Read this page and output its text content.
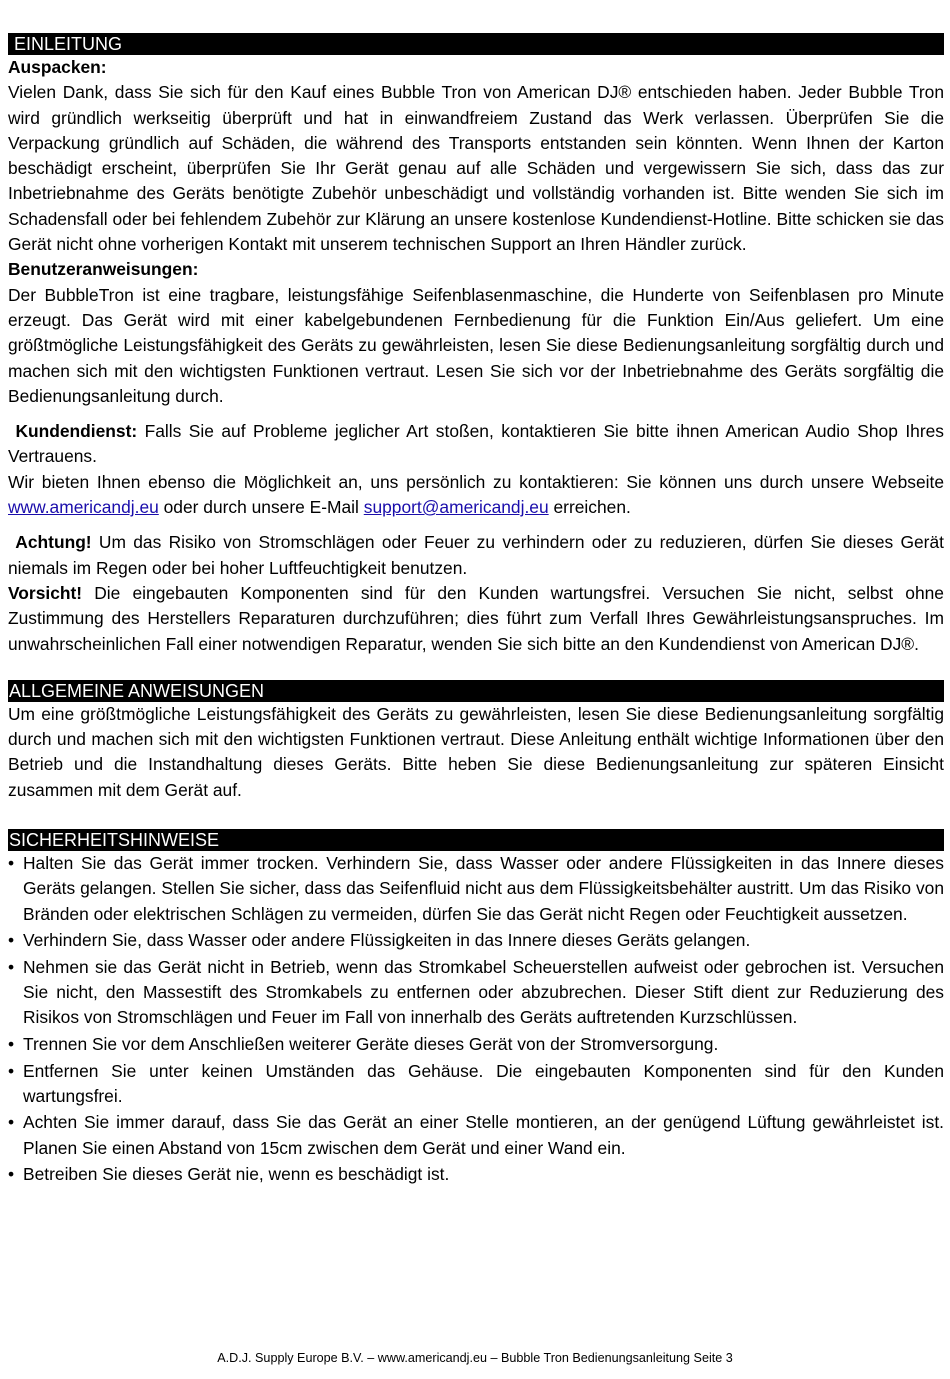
EINLEITUNG

Auspacken:

Vielen Dank, dass Sie sich für den Kauf eines Bubble Tron von American DJ® entschieden haben. Jeder Bubble Tron wird gründlich werkseitig überprüft und hat in einwandfreiem Zustand das Werk verlassen. Überprüfen Sie die Verpackung gründlich auf Schäden, die während des Transports entstanden sein könnten. Wenn Ihnen der Karton beschädigt erscheint, überprüfen Sie Ihr Gerät genau auf alle Schäden und vergewissern Sie sich, dass das zur Inbetriebnahme des Geräts benötigte Zubehör unbeschädigt und vollständig vorhanden ist. Bitte wenden Sie sich im Schadensfall oder bei fehlendem Zubehör zur Klärung an unsere kostenlose Kundendienst-Hotline. Bitte schicken sie das Gerät nicht ohne vorherigen Kontakt mit unserem technischen Support an Ihren Händler zurück.

Benutzeranweisungen:

Der BubbleTron ist eine tragbare, leistungsfähige Seifenblasenmaschine, die Hunderte von Seifenblasen pro Minute erzeugt. Das Gerät wird mit einer kabelgebundenen Fernbedienung für die Funktion Ein/Aus geliefert. Um eine größtmögliche Leistungsfähigkeit des Geräts zu gewährleisten, lesen Sie diese Bedienungsanleitung sorgfältig durch und machen sich mit den wichtigsten Funktionen vertraut. Lesen Sie sich vor der Inbetriebnahme des Geräts sorgfältig die Bedienungsanleitung durch.

Kundendienst: Falls Sie auf Probleme jeglicher Art stoßen, kontaktieren Sie bitte ihnen American Audio Shop Ihres Vertrauens.

Wir bieten Ihnen ebenso die Möglichkeit an, uns persönlich zu kontaktieren: Sie können uns durch unsere Webseite www.americandj.eu oder durch unsere E-Mail support@americandj.eu erreichen.

Achtung! Um das Risiko von Stromschlägen oder Feuer zu verhindern oder zu reduzieren, dürfen Sie dieses Gerät niemals im Regen oder bei hoher Luftfeuchtigkeit benutzen.

Vorsicht! Die eingebauten Komponenten sind für den Kunden wartungsfrei. Versuchen Sie nicht, selbst ohne Zustimmung des Herstellers Reparaturen durchzuführen; dies führt zum Verfall Ihres Gewährleistungsanspruches. Im unwahrscheinlichen Fall einer notwendigen Reparatur, wenden Sie sich bitte an den Kundendienst von American DJ®.

ALLGEMEINE ANWEISUNGEN

Um eine größtmögliche Leistungsfähigkeit des Geräts zu gewährleisten, lesen Sie diese Bedienungsanleitung sorgfältig durch und machen sich mit den wichtigsten Funktionen vertraut. Diese Anleitung enthält wichtige Informationen über den Betrieb und die Instandhaltung dieses Geräts. Bitte heben Sie diese Bedienungsanleitung zur späteren Einsicht zusammen mit dem Gerät auf.

SICHERHEITSHINWEISE
• Halten Sie das Gerät immer trocken. Verhindern Sie, dass Wasser oder andere Flüssigkeiten in das Innere dieses Geräts gelangen. Stellen Sie sicher, dass das Seifenfluid nicht aus dem Flüssigkeitsbehälter austritt. Um das Risiko von Bränden oder elektrischen Schlägen zu vermeiden, dürfen Sie das Gerät nicht Regen oder Feuchtigkeit aussetzen.
• Verhindern Sie, dass Wasser oder andere Flüssigkeiten in das Innere dieses Geräts gelangen.
• Nehmen sie das Gerät nicht in Betrieb, wenn das Stromkabel Scheuerstellen aufweist oder gebrochen ist. Versuchen Sie nicht, den Massestift des Stromkabels zu entfernen oder abzubrechen. Dieser Stift dient zur Reduzierung des Risikos von Stromschlägen und Feuer im Fall von innerhalb des Geräts auftretenden Kurzschlüssen.
• Trennen Sie vor dem Anschließen weiterer Geräte dieses Gerät von der Stromversorgung.
• Entfernen Sie unter keinen Umständen das Gehäuse. Die eingebauten Komponenten sind für den Kunden wartungsfrei.
• Achten Sie immer darauf, dass Sie das Gerät an einer Stelle montieren, an der genügend Lüftung gewährleistet ist. Planen Sie einen Abstand von 15cm zwischen dem Gerät und einer Wand ein.
• Betreiben Sie dieses Gerät nie, wenn es beschädigt ist.
A.D.J. Supply Europe B.V. – www.americandj.eu – Bubble Tron Bedienungsanleitung Seite 3
